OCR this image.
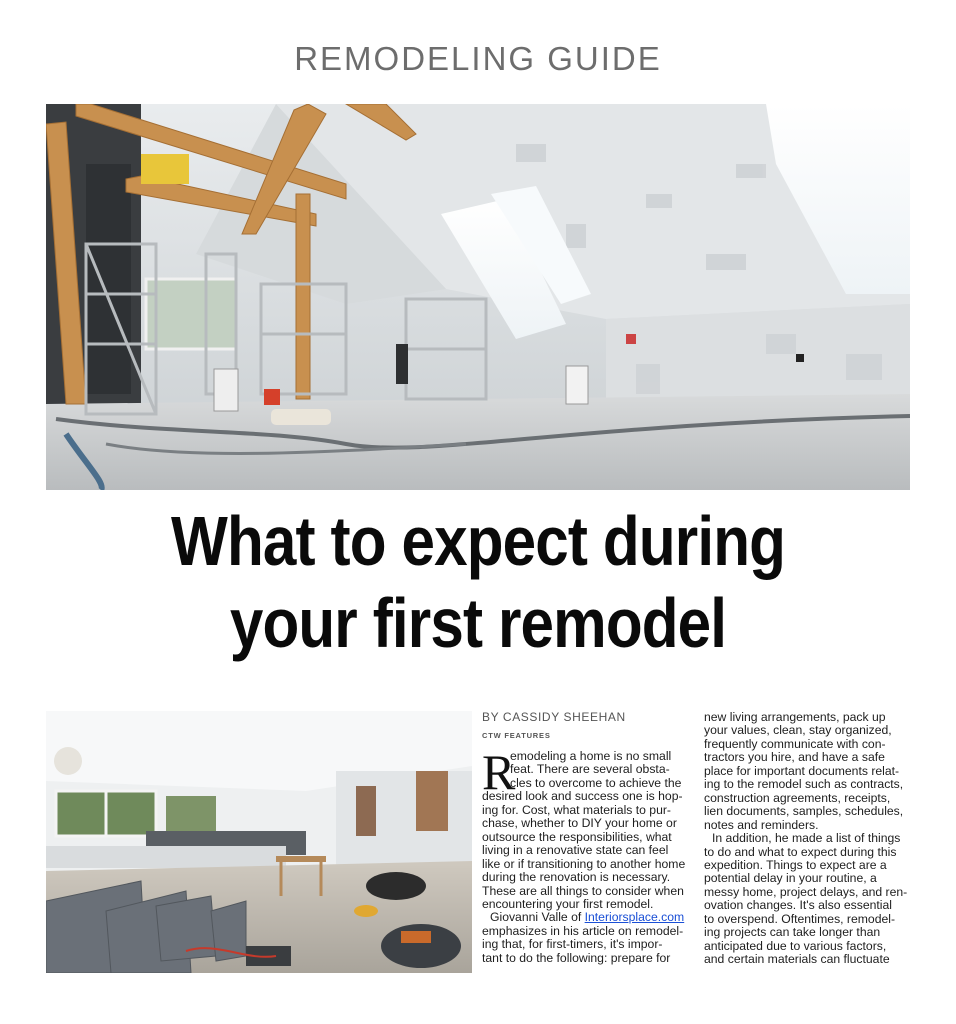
REMODELING GUIDE
What to expect during
your first remodel
BY CASSIDY SHEEHAN
CTW FEATURES
R
emodeling a home is no small
feat. There are several obsta-
cles to overcome to achieve the
desired look and success one is hop-
ing for. Cost, what materials to pur-
chase, whether to DIY your home or
outsource the responsibilities, what
living in a renovative state can feel
like or if transitioning to another home
during the renovation is necessary.
These are all things to consider when
encountering your first remodel.
Giovanni Valle of Interiorsplace.com
emphasizes in his article on remodel-
ing that, for first-timers, it's impor-
tant to do the following: prepare for
new living arrangements, pack up
your values, clean, stay organized,
frequently communicate with con-
tractors you hire, and have a safe
place for important documents relat-
ing to the remodel such as contracts,
construction agreements, receipts,
lien documents, samples, schedules,
notes and reminders.
In addition, he made a list of things
to do and what to expect during this
expedition. Things to expect are a
potential delay in your routine, a
messy home, project delays, and ren-
ovation changes. It's also essential
to overspend. Oftentimes, remodel-
ing projects can take longer than
anticipated due to various factors,
and certain materials can fluctuate
